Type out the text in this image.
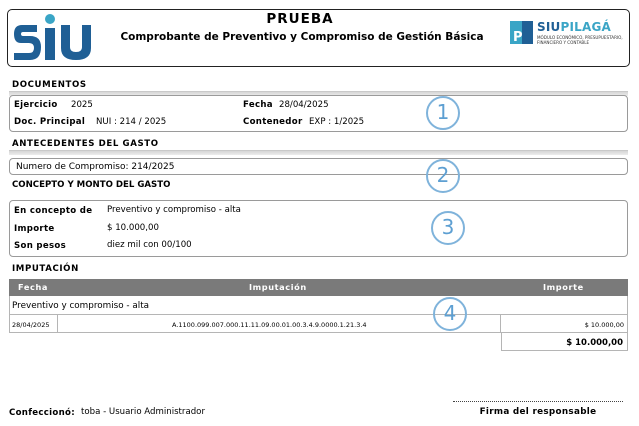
PRUEBA
Comprobante de Preventivo y Compromiso de Gestión Básica	P
SIUPILAGÁ
MÓDULO ECONÓMICO, PRESUPUESTARIO, FINANCIERO Y CONTABLE
DOCUMENTOS
Ejercicio 2025	Fecha 28/04/2025
Doc. Principal NUI : 214 / 2025	Contenedor EXP : 1/2025	1
ANTECEDENTES DEL GASTO
Numero de Compromiso: 214/2025	2
CONCEPTO Y MONTO DEL GASTO
En concepto de Preventivo y compromiso - alta
Importe	$ 10.000,00
Son pesos	diez mil con 00/100
3
IMPUTACIÓN
Fecha	Imputación	Importe
Preventivo y compromiso - alta
28/04/2025	A.1100.099.007.000.11.11.09.00.01.00.3.4.9.0000.1.21.3.4	$ 10.000,00
$ 10.000,00
4
Confeccionó: toba - Usuario Administrador	Firma del responsable
